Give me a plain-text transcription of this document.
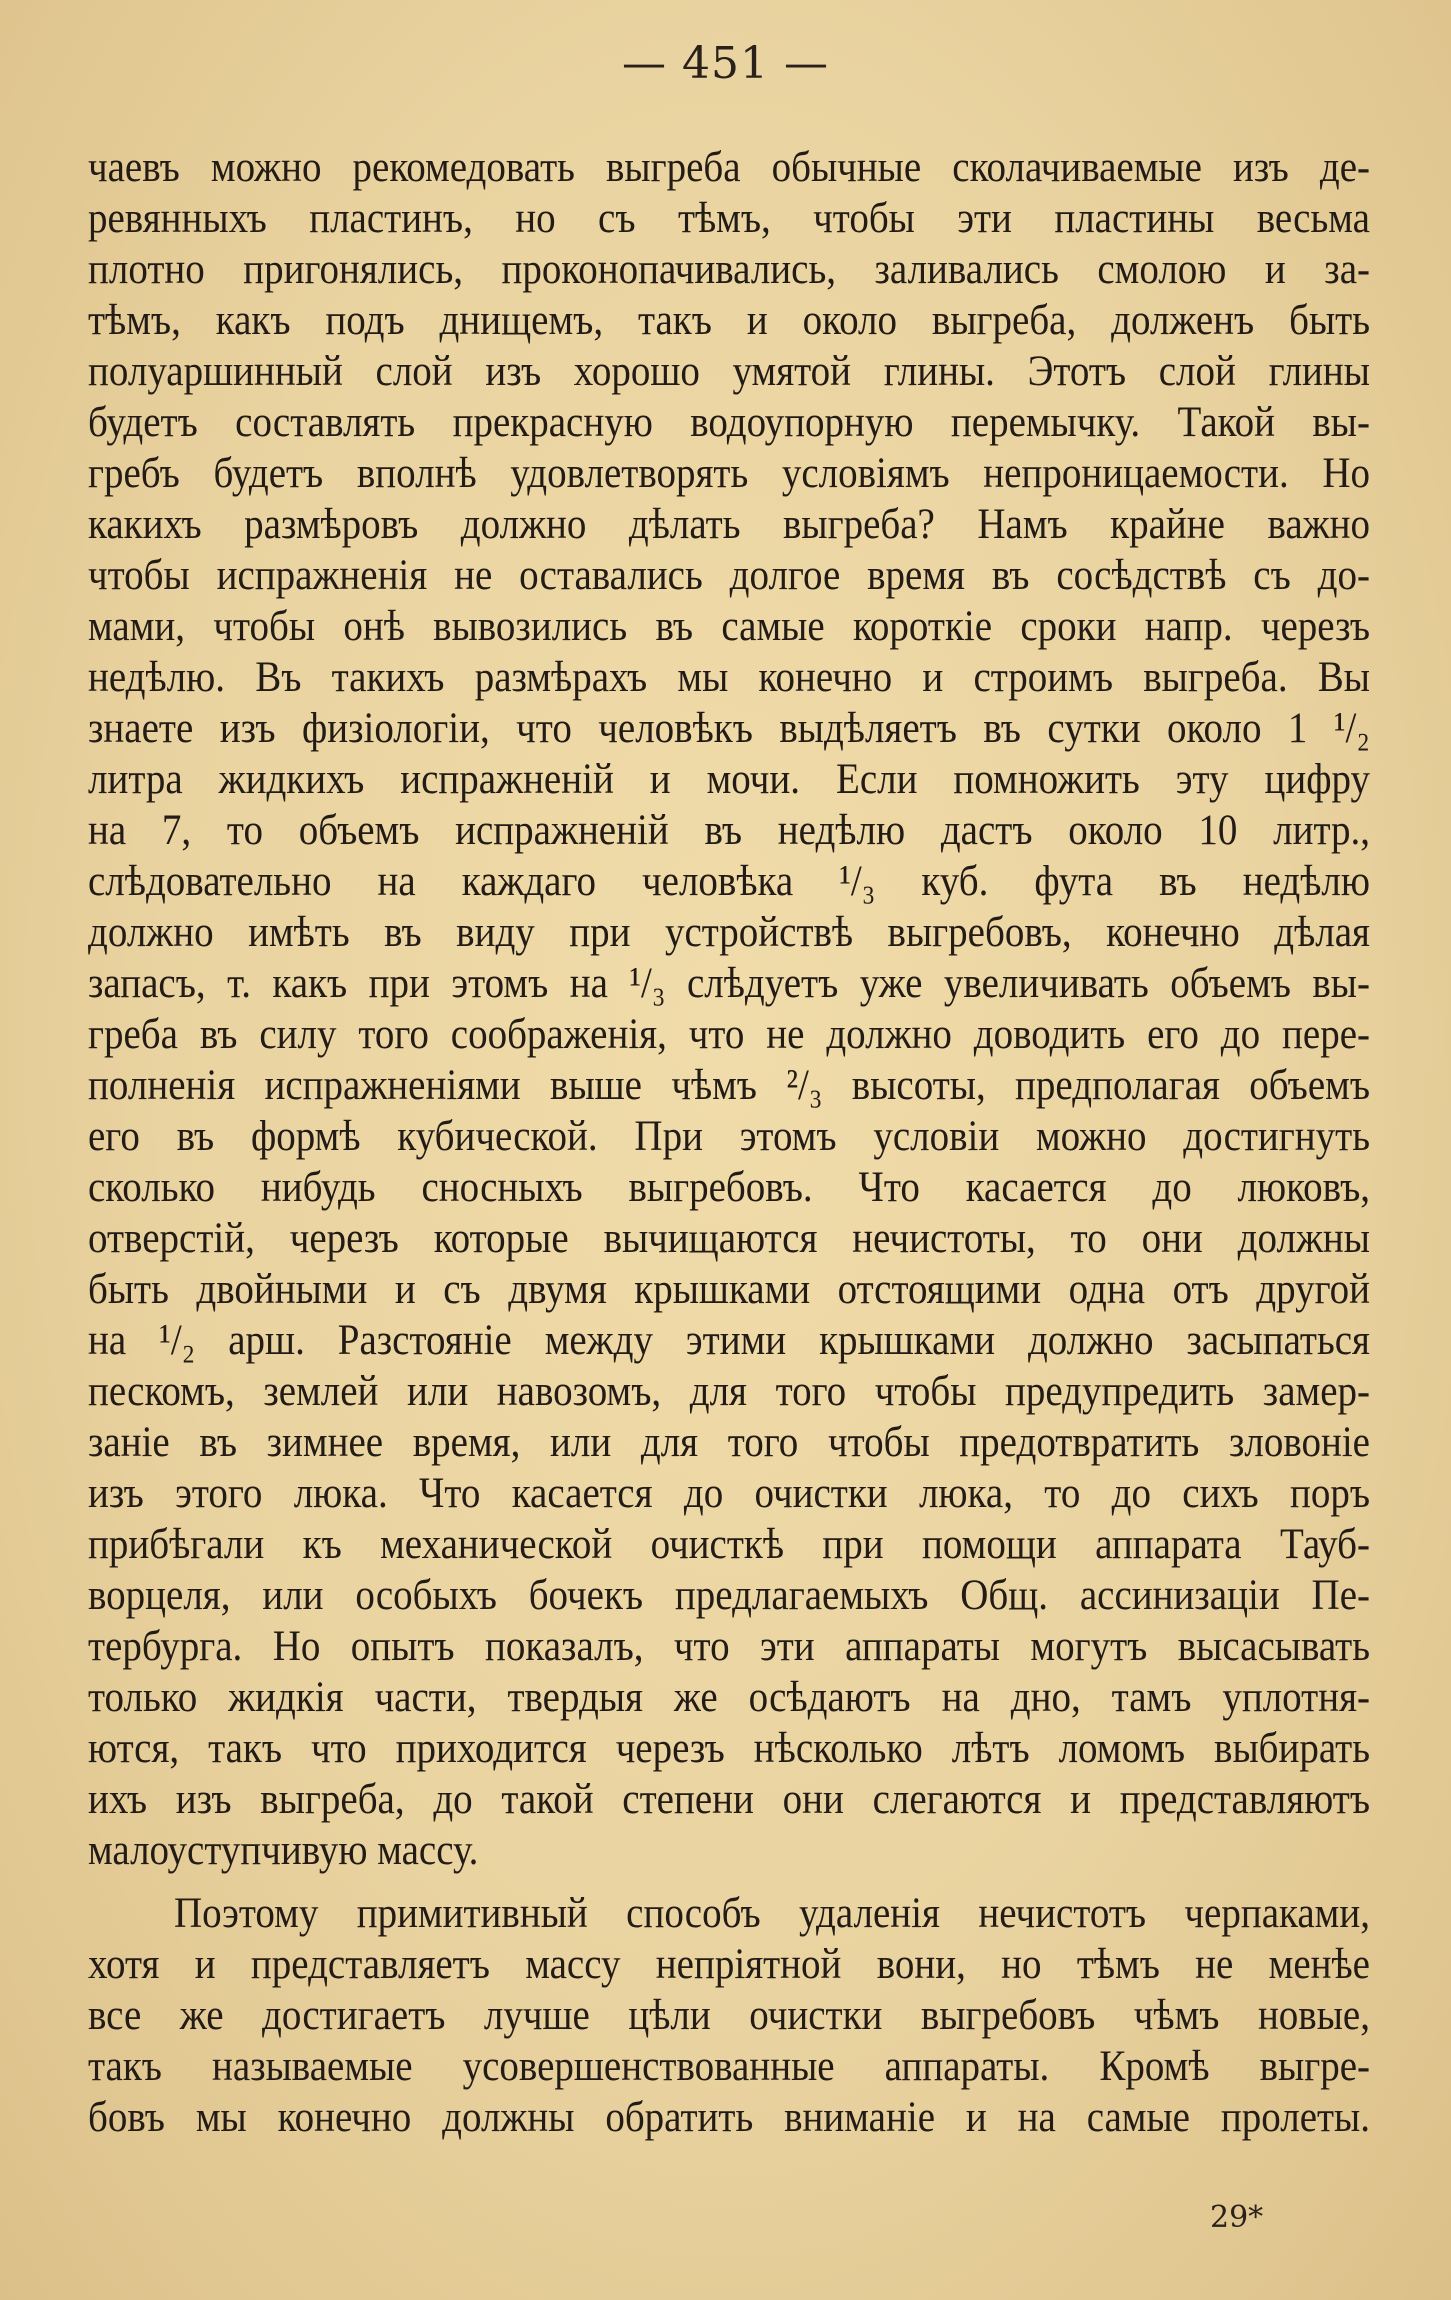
— 451 —
чаевъ можно рекомедовать выгреба обычные сколачиваемые изъ де-
ревянныхъ пластинъ, но съ тѣмъ, чтобы эти пластины весьма
плотно пригонялись, проконопачивались, заливались смолою и за-
тѣмъ, какъ подъ днищемъ, такъ и около выгреба, долженъ быть
полуаршинный слой изъ хорошо умятой глины. Этотъ слой глины
будетъ составлять прекрасную водоупорную перемычку. Такой вы-
гребъ будетъ вполнѣ удовлетворять условіямъ непроницаемости. Но
какихъ размѣровъ должно дѣлать выгреба? Намъ крайне важно
чтобы испражненія не оставались долгое время въ сосѣдствѣ съ до-
мами, чтобы онѣ вывозились въ самые короткіе сроки напр. черезъ
недѣлю. Въ такихъ размѣрахъ мы конечно и строимъ выгреба. Вы
знаете изъ физіологіи, что человѣкъ выдѣляетъ въ сутки около 1 ¹/₂
литра жидкихъ испражненій и мочи. Если помножить эту цифру
на 7, то объемъ испражненій въ недѣлю дастъ около 10 литр.,
слѣдовательно на каждаго человѣка ¹/₃ куб. фута въ недѣлю
должно имѣть въ виду при устройствѣ выгребовъ, конечно дѣлая
запасъ, т. какъ при этомъ на ¹/₃ слѣдуетъ уже увеличивать объемъ вы-
греба въ силу того соображенія, что не должно доводить его до пере-
полненія испражненіями выше чѣмъ ²/₃ высоты, предполагая объемъ
его въ формѣ кубической. При этомъ условіи можно достигнуть
сколько нибудь сносныхъ выгребовъ. Что касается до люковъ,
отверстій, черезъ которые вычищаются нечистоты, то они должны
быть двойными и съ двумя крышками отстоящими одна отъ другой
на ¹/₂ арш. Разстояніе между этими крышками должно засыпаться
пескомъ, землей или навозомъ, для того чтобы предупредить замер-
заніе въ зимнее время, или для того чтобы предотвратить зловоніе
изъ этого люка. Что касается до очистки люка, то до сихъ поръ
прибѣгали къ механической очисткѣ при помощи аппарата Тауб-
ворцеля, или особыхъ бочекъ предлагаемыхъ Общ. ассинизаціи Пе-
тербурга. Но опытъ показалъ, что эти аппараты могутъ высасывать
только жидкія части, твердыя же осѣдаютъ на дно, тамъ уплотня-
ются, такъ что приходится черезъ нѣсколько лѣтъ ломомъ выбирать
ихъ изъ выгреба, до такой степени они слегаются и представляютъ
малоуступчивую массу.
Поэтому примитивный способъ удаленія нечистотъ черпаками,
хотя и представляетъ массу непріятной вони, но тѣмъ не менѣе
все же достигаетъ лучше цѣли очистки выгребовъ чѣмъ новые,
такъ называемые усовершенствованные аппараты. Кромѣ выгре-
бовъ мы конечно должны обратить вниманіе и на самые пролеты.
29*
